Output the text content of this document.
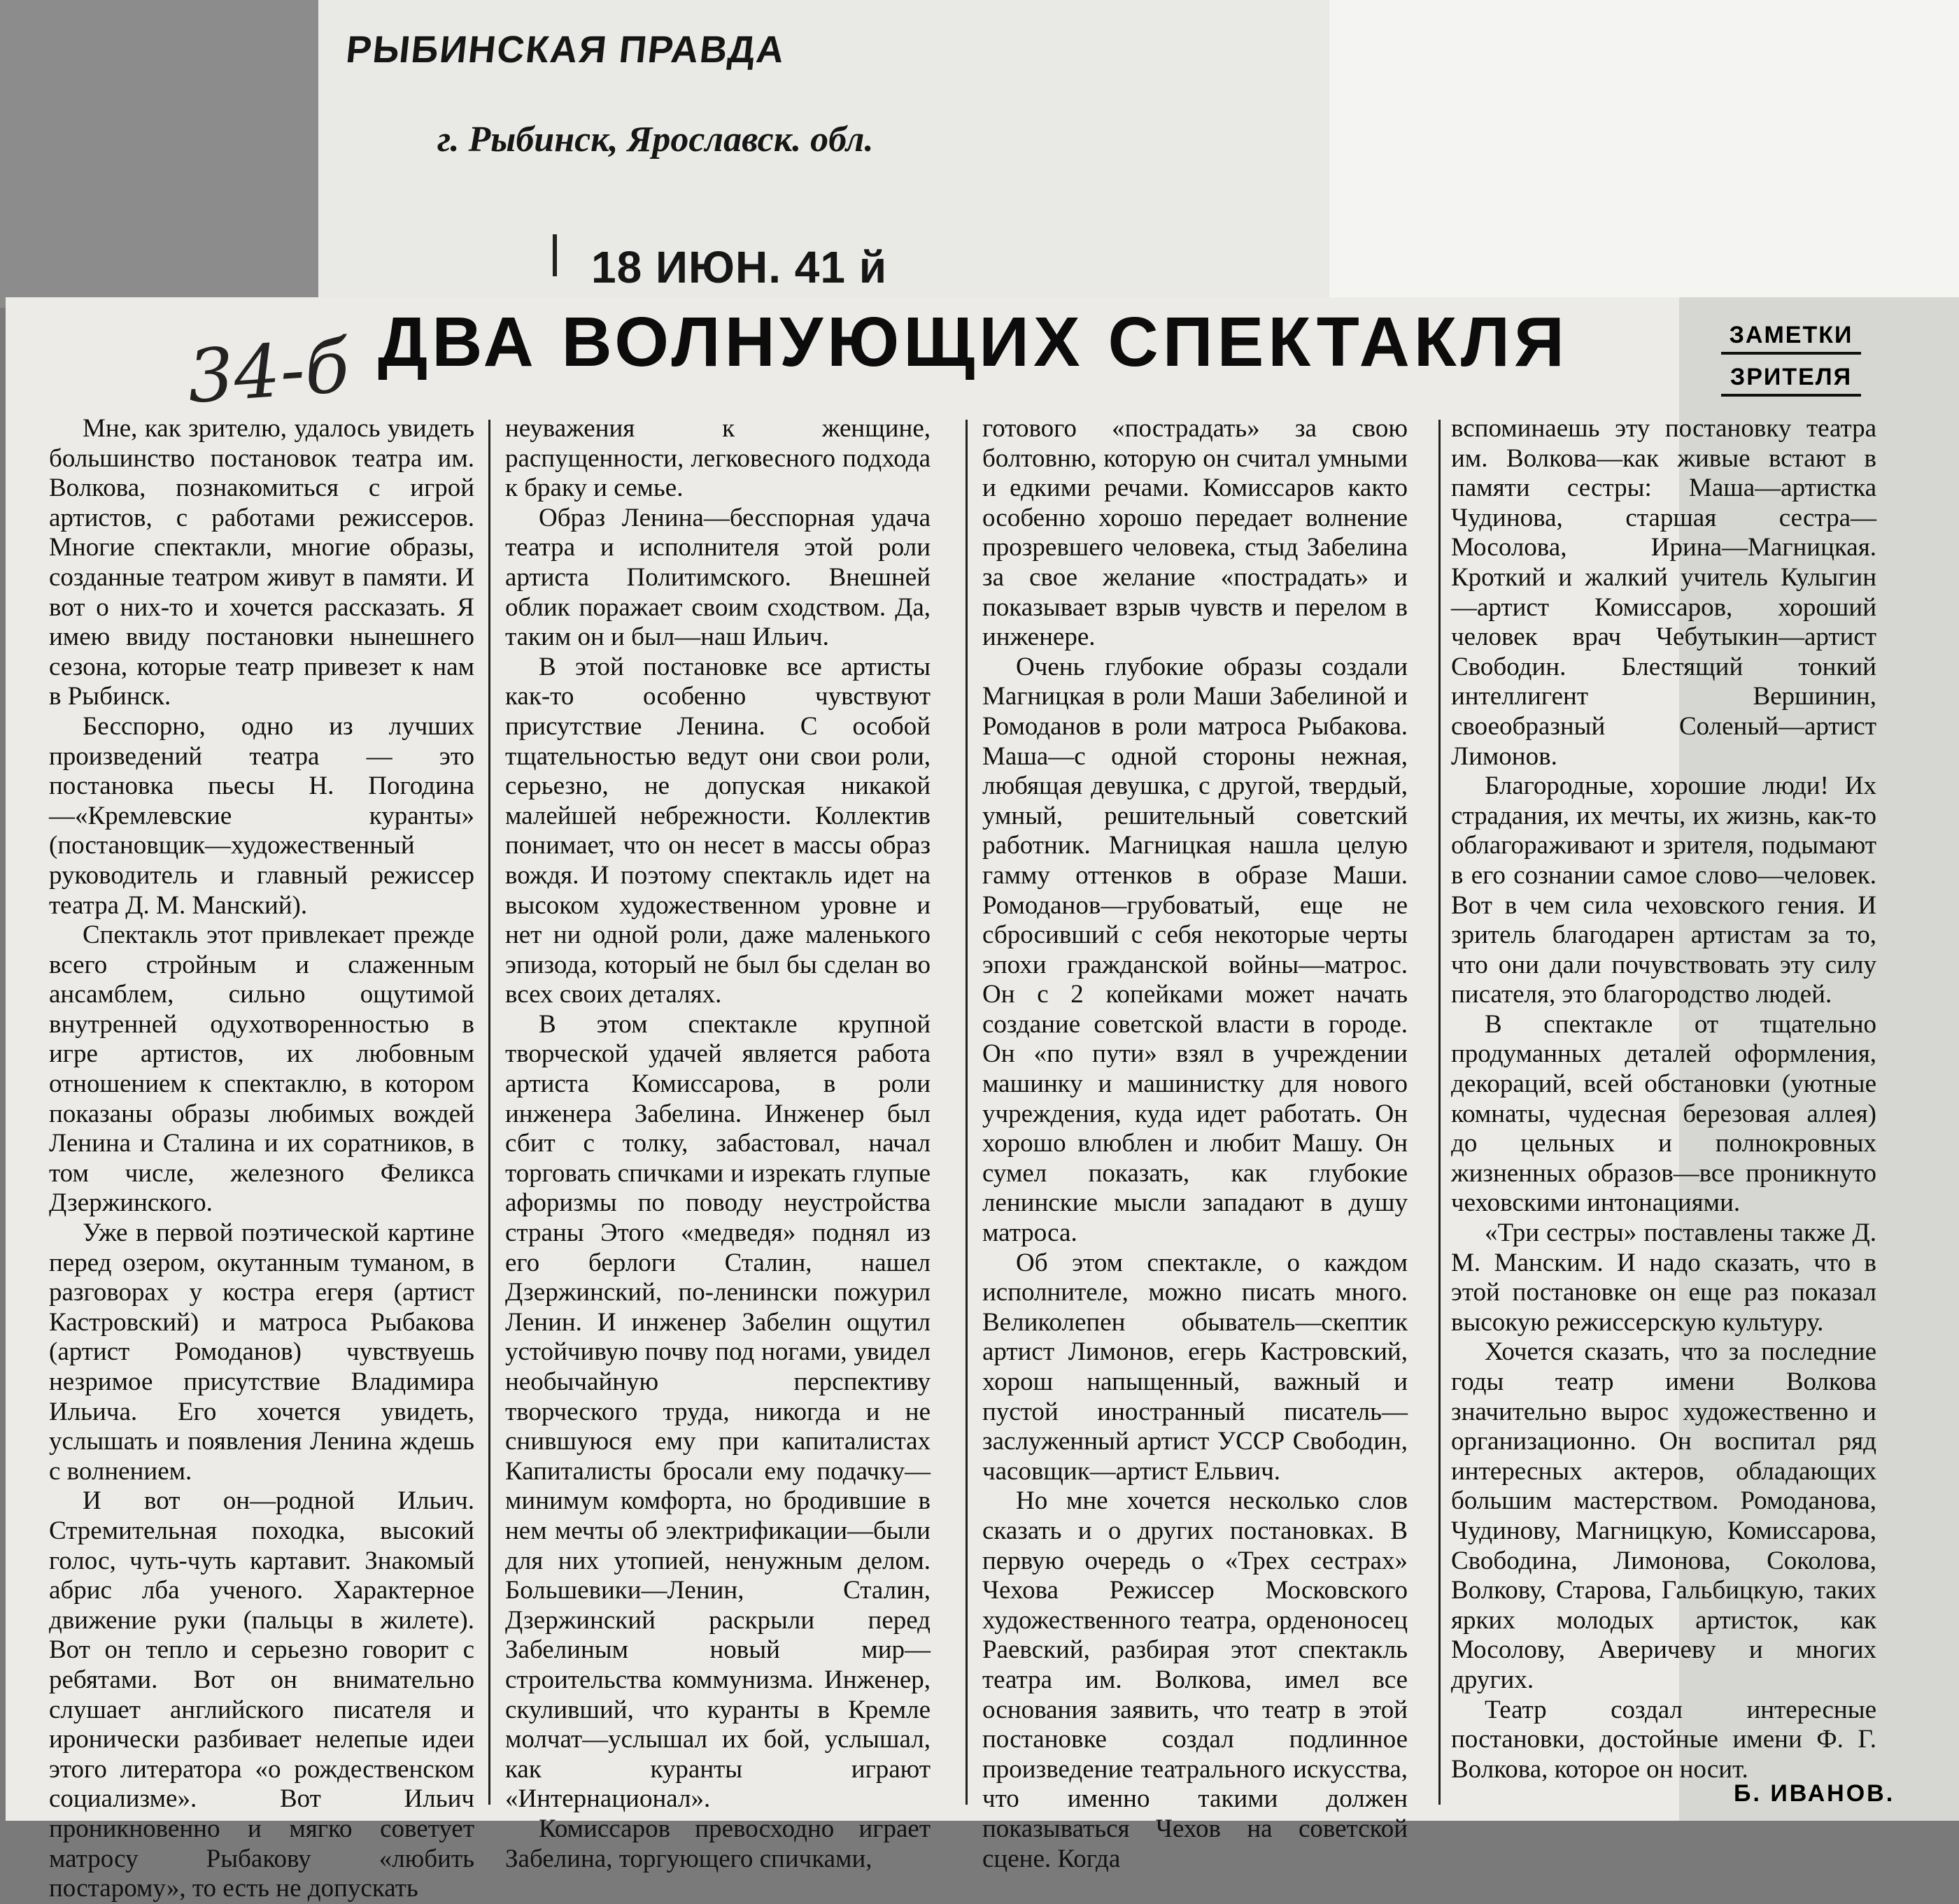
РЫБИНСКАЯ ПРАВДА
г. Рыбинск, Ярославск. обл.
18 ИЮН. 41 й
34-б ДВА ВОЛНУЮЩИХ СПЕКТАКЛЯ	ЗАМЕТКИ
ЗРИТЕЛЯ

Мне, как зрителю, удалось увидеть большинство постановок театра им. Волкова, познакомиться с игрой артистов, с работами режиссеров. Многие спектакли, многие образы, созданные театром живут в памяти. И вот о них-то и хочется рассказать. Я имею ввиду постановки нынешнего сезона, которые театр привезет к нам в Рыбинск.

Бесспорно, одно из лучших произведений театра — это постановка пьесы Н. Погодина—«Кремлевские куранты» (постановщик—художественный руководитель и главный режиссер театра Д. М. Манский).

Спектакль этот привлекает прежде всего стройным и слаженным ансамблем, сильно ощутимой внутренней одухотворенностью в игре артистов, их любовным отношением к спектаклю, в котором показаны образы любимых вождей Ленина и Сталина и их соратников, в том числе, железного Феликса Дзержинского.

Уже в первой поэтической картине перед озером, окутанным туманом, в разговорах у костра егеря (артист Кастровский) и матроса Рыбакова (артист Ромоданов) чувствуешь незримое присутствие Владимира Ильича. Его хочется увидеть, услышать и появления Ленина ждешь с волнением.

И вот он—родной Ильич. Стремительная походка, высокий голос, чуть-чуть картавит. Знакомый абрис лба ученого. Характерное движение руки (пальцы в жилете). Вот он тепло и серьезно говорит с ребятами. Вот он внимательно слушает английского писателя и иронически разбивает нелепые идеи этого литератора «о рождественском социализме». Вот Ильич проникновенно и мягко советует матросу Рыбакову «любить постарому», то есть не допускать

неуважения к женщине, распущенности, легковесного подхода к браку и семье.

Образ Ленина—бесспорная удача театра и исполнителя этой роли артиста Политимского. Внешней облик поражает своим сходством. Да, таким он и был—наш Ильич.

В этой постановке все артисты как-то особенно чувствуют присутствие Ленина. С особой тщательностью ведут они свои роли, серьезно, не допуская никакой малейшей небрежности. Коллектив понимает, что он несет в массы образ вождя. И поэтому спектакль идет на высоком художественном уровне и нет ни одной роли, даже маленького эпизода, который не был бы сделан во всех своих деталях.

В этом спектакле крупной творческой удачей является работа артиста Комиссарова, в роли инженера Забелина. Инженер был сбит с толку, забастовал, начал торговать спичками и изрекать глупые афоризмы по поводу неустройства страны Этого «медведя» поднял из его берлоги Сталин, нашел Дзержинский, по-ленински пожурил Ленин. И инженер Забелин ощутил устойчивую почву под ногами, увидел необычайную перспективу творческого труда, никогда и не снившуюся ему при капиталистах Капиталисты бросали ему подачку—минимум комфорта, но бродившие в нем мечты об электрификации—были для них утопией, ненужным делом. Большевики—Ленин, Сталин, Дзержинский раскрыли перед Забелиным новый мир—строительства коммунизма. Инженер, скуливший, что куранты в Кремле молчат—услышал их бой, услышал, как куранты играют «Интернационал».

Комиссаров превосходно играет Забелина, торгующего спичками,

готового «пострадать» за свою болтовню, которую он считал умными и едкими речами. Комиссаров както особенно хорошо передает волнение прозревшего человека, стыд Забелина за свое желание «пострадать» и показывает взрыв чувств и перелом в инженере.

Очень глубокие образы создали Магницкая в роли Маши Забелиной и Ромоданов в роли матроса Рыбакова. Маша—с одной стороны нежная, любящая девушка, с другой, твердый, умный, решительный советский работник. Магницкая нашла целую гамму оттенков в образе Маши. Ромоданов—грубоватый, еще не сбросивший с себя некоторые черты эпохи гражданской войны—матрос. Он с 2 копейками может начать создание советской власти в городе. Он «по пути» взял в учреждении машинку и машинистку для нового учреждения, куда идет работать. Он хорошо влюблен и любит Машу. Он сумел показать, как глубокие ленинские мысли западают в душу матроса.

Об этом спектакле, о каждом исполнителе, можно писать много. Великолепен обыватель—скептик артист Лимонов, егерь Кастровский, хорош напыщенный, важный и пустой иностранный писатель—заслуженный артист УССР Свободин, часовщик—артист Ельвич.

Но мне хочется несколько слов сказать и о других постановках. В первую очередь о «Трех сестрах» Чехова Режиссер Московского художественного театра, орденоносец Раевский, разбирая этот спектакль театра им. Волкова, имел все основания заявить, что театр в этой постановке создал подлинное произведение театрального искусства, что именно такими должен показываться Чехов на советской сцене. Когда

вспоминаешь эту постановку театра им. Волкова—как живые встают в памяти сестры: Маша—артистка Чудинова, старшая сестра—Мосолова, Ирина—Магницкая. Кроткий и жалкий учитель Кулыгин—артист Комиссаров, хороший человек врач Чебутыкин—артист Свободин. Блестящий тонкий интеллигент Вершинин, своеобразный Соленый—артист Лимонов.

Благородные, хорошие люди! Их страдания, их мечты, их жизнь, как-то облагораживают и зрителя, подымают в его сознании самое слово—человек. Вот в чем сила чеховского гения. И зритель благодарен артистам за то, что они дали почувствовать эту силу писателя, это благородство людей.

В спектакле от тщательно продуманных деталей оформления, декораций, всей обстановки (уютные комнаты, чудесная березовая аллея) до цельных и полнокровных жизненных образов—все проникнуто чеховскими интонациями.

«Три сестры» поставлены также Д. М. Манским. И надо сказать, что в этой постановке он еще раз показал высокую режиссерскую культуру.

Хочется сказать, что за последние годы театр имени Волкова значительно вырос художественно и организационно. Он воспитал ряд интересных актеров, обладающих большим мастерством. Ромоданова, Чудинову, Магницкую, Комиссарова, Свободина, Лимонова, Соколова, Волкову, Старова, Гальбицкую, таких ярких молодых артисток, как Мосолову, Аверичеву и многих других.

Театр создал интересные постановки, достойные имени Ф. Г. Волкова, которое он носит.

Б. ИВАНОВ.
